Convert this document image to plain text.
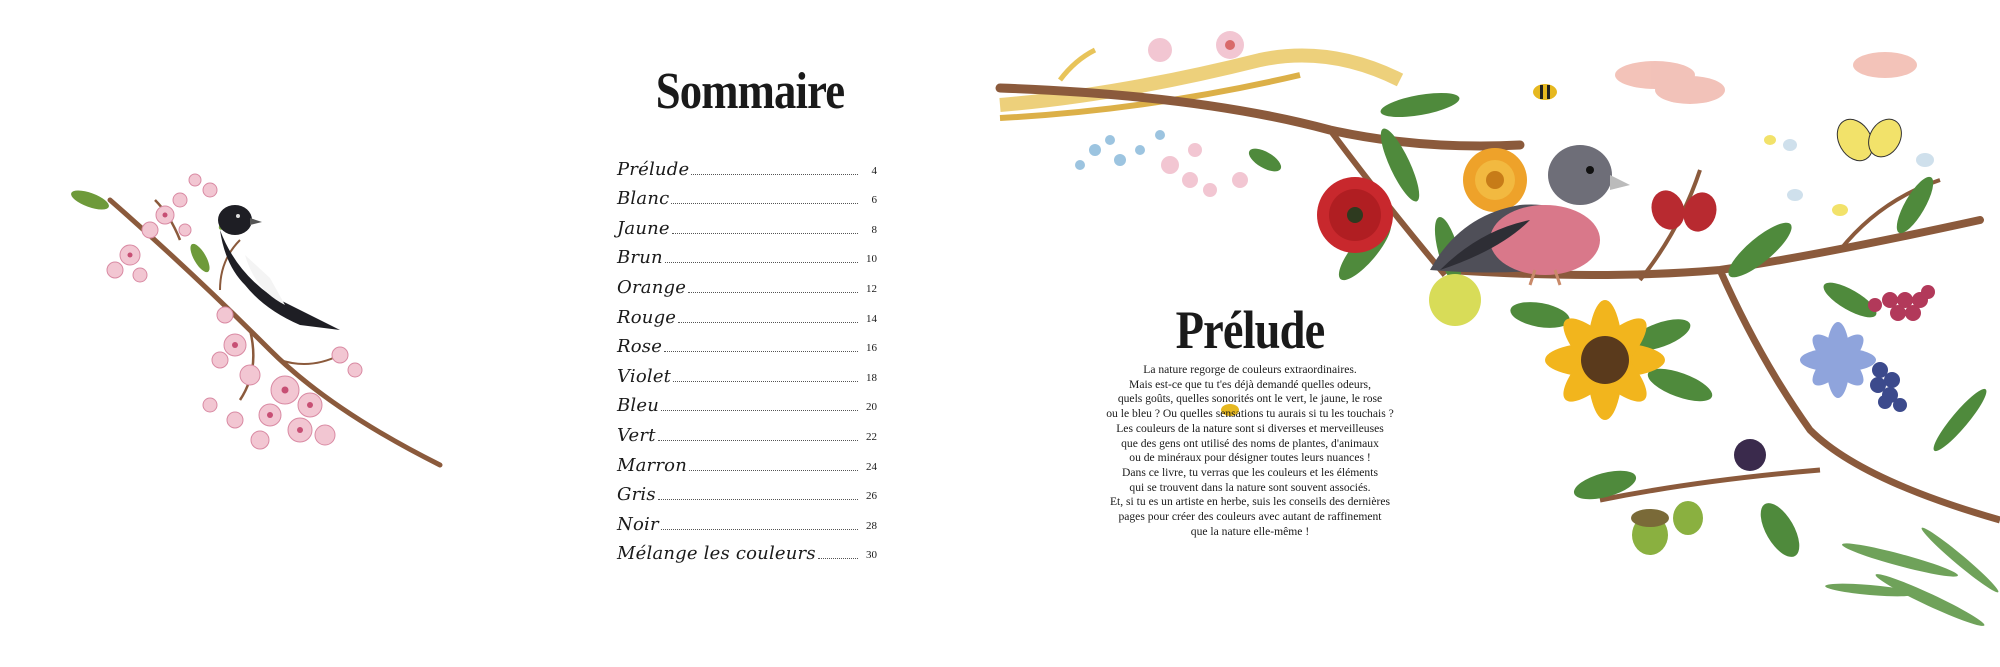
Sommaire
Prélude	4
Blanc	6
Jaune	8
Brun	10
Orange	12
Rouge	14
Rose	16
Violet	18
Bleu	20
Vert	22
Marron	24
Gris	26
Noir	28
Mélange les couleurs	30
Prélude
La nature regorge de couleurs extraordinaires.
Mais est-ce que tu t'es déjà demandé quelles odeurs,
quels goûts, quelles sonorités ont le vert, le jaune, le rose
ou le bleu ? Ou quelles sensations tu aurais si tu les touchais ?
Les couleurs de la nature sont si diverses et merveilleuses
que des gens ont utilisé des noms de plantes, d'animaux
ou de minéraux pour désigner toutes leurs nuances !
Dans ce livre, tu verras que les couleurs et les éléments
qui se trouvent dans la nature sont souvent associés.
Et, si tu es un artiste en herbe, suis les conseils des dernières
pages pour créer des couleurs avec autant de raffinement
que la nature elle-même !
